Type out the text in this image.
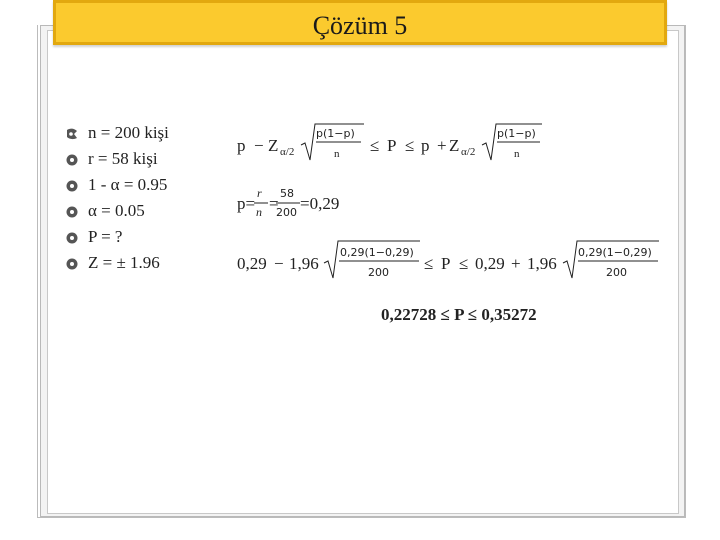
Çözüm 5
n = 200 kişi
r = 58 kişi
1 - α = 0.95
α = 0.05
P = ?
Z = ± 1.96
p − Z α/2
p(1−p)
n ≤ P ≤ p + Z α/2
p(1−p)
n
p=
r
n =
58
200 =0,29
0,29 − 1,96
0,29(1−0,29)
200 ≤ P ≤ 0,29 + 1,96
0,29(1−0,29)
200
0,22728 ≤ P ≤ 0,35272
